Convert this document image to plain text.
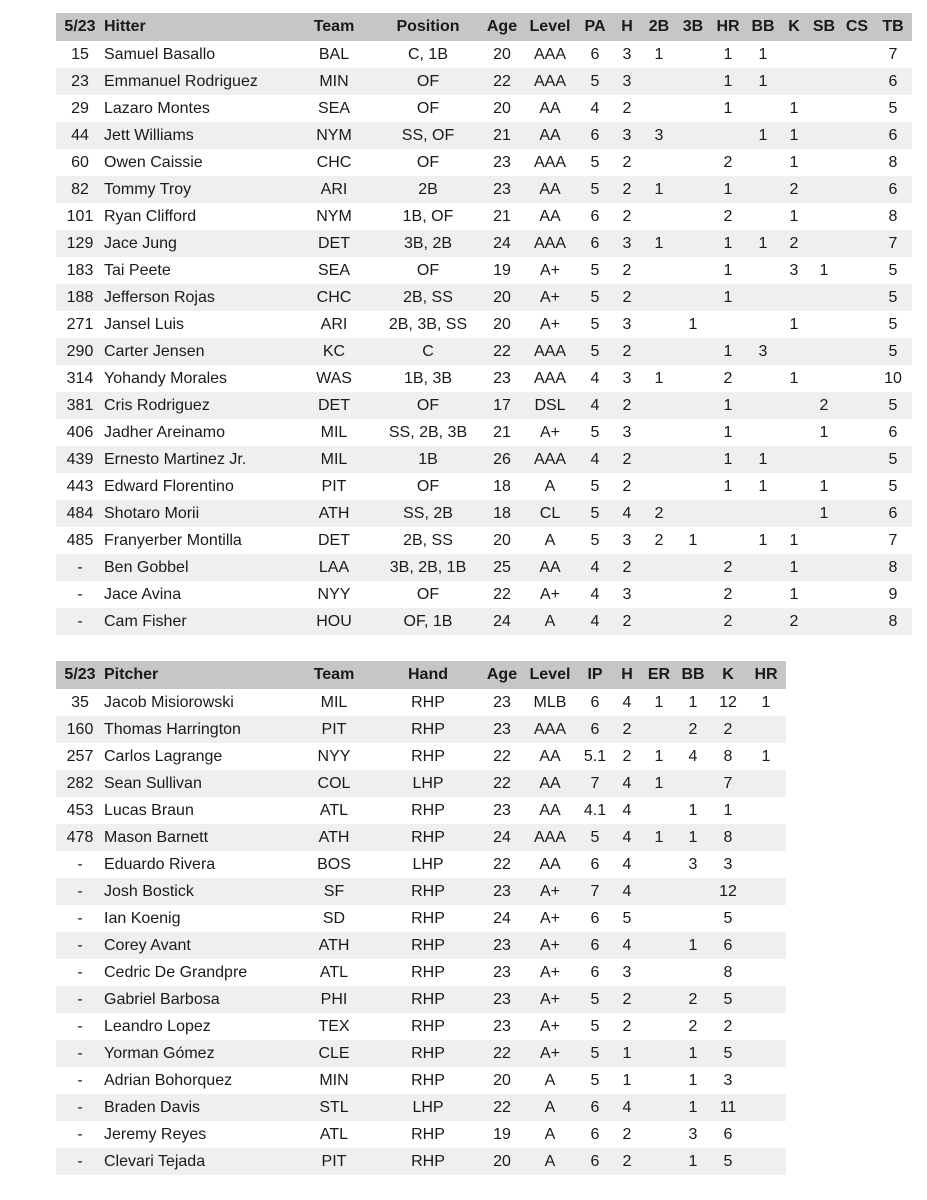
5/23	Hitter	Team	Position	Age	Level	PA	H	2B	3B	HR	BB	K	SB	CS	TB
15	Samuel Basallo	BAL	C, 1B	20	AAA	6	3	1		1	1				7
23	Emmanuel Rodriguez	MIN	OF	22	AAA	5	3			1	1				6
29	Lazaro Montes	SEA	OF	20	AA	4	2			1		1			5
44	Jett Williams	NYM	SS, OF	21	AA	6	3	3			1	1			6
60	Owen Caissie	CHC	OF	23	AAA	5	2			2		1			8
82	Tommy Troy	ARI	2B	23	AA	5	2	1		1		2			6
101	Ryan Clifford	NYM	1B, OF	21	AA	6	2			2		1			8
129	Jace Jung	DET	3B, 2B	24	AAA	6	3	1		1	1	2			7
183	Tai Peete	SEA	OF	19	A+	5	2			1		3	1		5
188	Jefferson Rojas	CHC	2B, SS	20	A+	5	2			1					5
271	Jansel Luis	ARI	2B, 3B, SS	20	A+	5	3		1			1			5
290	Carter Jensen	KC	C	22	AAA	5	2			1	3				5
314	Yohandy Morales	WAS	1B, 3B	23	AAA	4	3	1		2		1			10
381	Cris Rodriguez	DET	OF	17	DSL	4	2			1			2		5
406	Jadher Areinamo	MIL	SS, 2B, 3B	21	A+	5	3			1			1		6
439	Ernesto Martinez Jr.	MIL	1B	26	AAA	4	2			1	1				5
443	Edward Florentino	PIT	OF	18	A	5	2			1	1		1		5
484	Shotaro Morii	ATH	SS, 2B	18	CL	5	4	2					1		6
485	Franyerber Montilla	DET	2B, SS	20	A	5	3	2	1		1	1			7
-	Ben Gobbel	LAA	3B, 2B, 1B	25	AA	4	2			2		1			8
-	Jace Avina	NYY	OF	22	A+	4	3			2		1			9
-	Cam Fisher	HOU	OF, 1B	24	A	4	2			2		2			8
5/23	Pitcher	Team	Hand	Age	Level	IP	H	ER	BB	K	HR
35	Jacob Misiorowski	MIL	RHP	23	MLB	6	4	1	1	12	1
160	Thomas Harrington	PIT	RHP	23	AAA	6	2		2	2	
257	Carlos Lagrange	NYY	RHP	22	AA	5.1	2	1	4	8	1
282	Sean Sullivan	COL	LHP	22	AA	7	4	1		7	
453	Lucas Braun	ATL	RHP	23	AA	4.1	4		1	1	
478	Mason Barnett	ATH	RHP	24	AAA	5	4	1	1	8	
-	Eduardo Rivera	BOS	LHP	22	AA	6	4		3	3	
-	Josh Bostick	SF	RHP	23	A+	7	4			12	
-	Ian Koenig	SD	RHP	24	A+	6	5			5	
-	Corey Avant	ATH	RHP	23	A+	6	4		1	6	
-	Cedric De Grandpre	ATL	RHP	23	A+	6	3			8	
-	Gabriel Barbosa	PHI	RHP	23	A+	5	2		2	5	
-	Leandro Lopez	TEX	RHP	23	A+	5	2		2	2	
-	Yorman Gómez	CLE	RHP	22	A+	5	1		1	5	
-	Adrian Bohorquez	MIN	RHP	20	A	5	1		1	3	
-	Braden Davis	STL	LHP	22	A	6	4		1	11	
-	Jeremy Reyes	ATL	RHP	19	A	6	2		3	6	
-	Clevari Tejada	PIT	RHP	20	A	6	2		1	5	
